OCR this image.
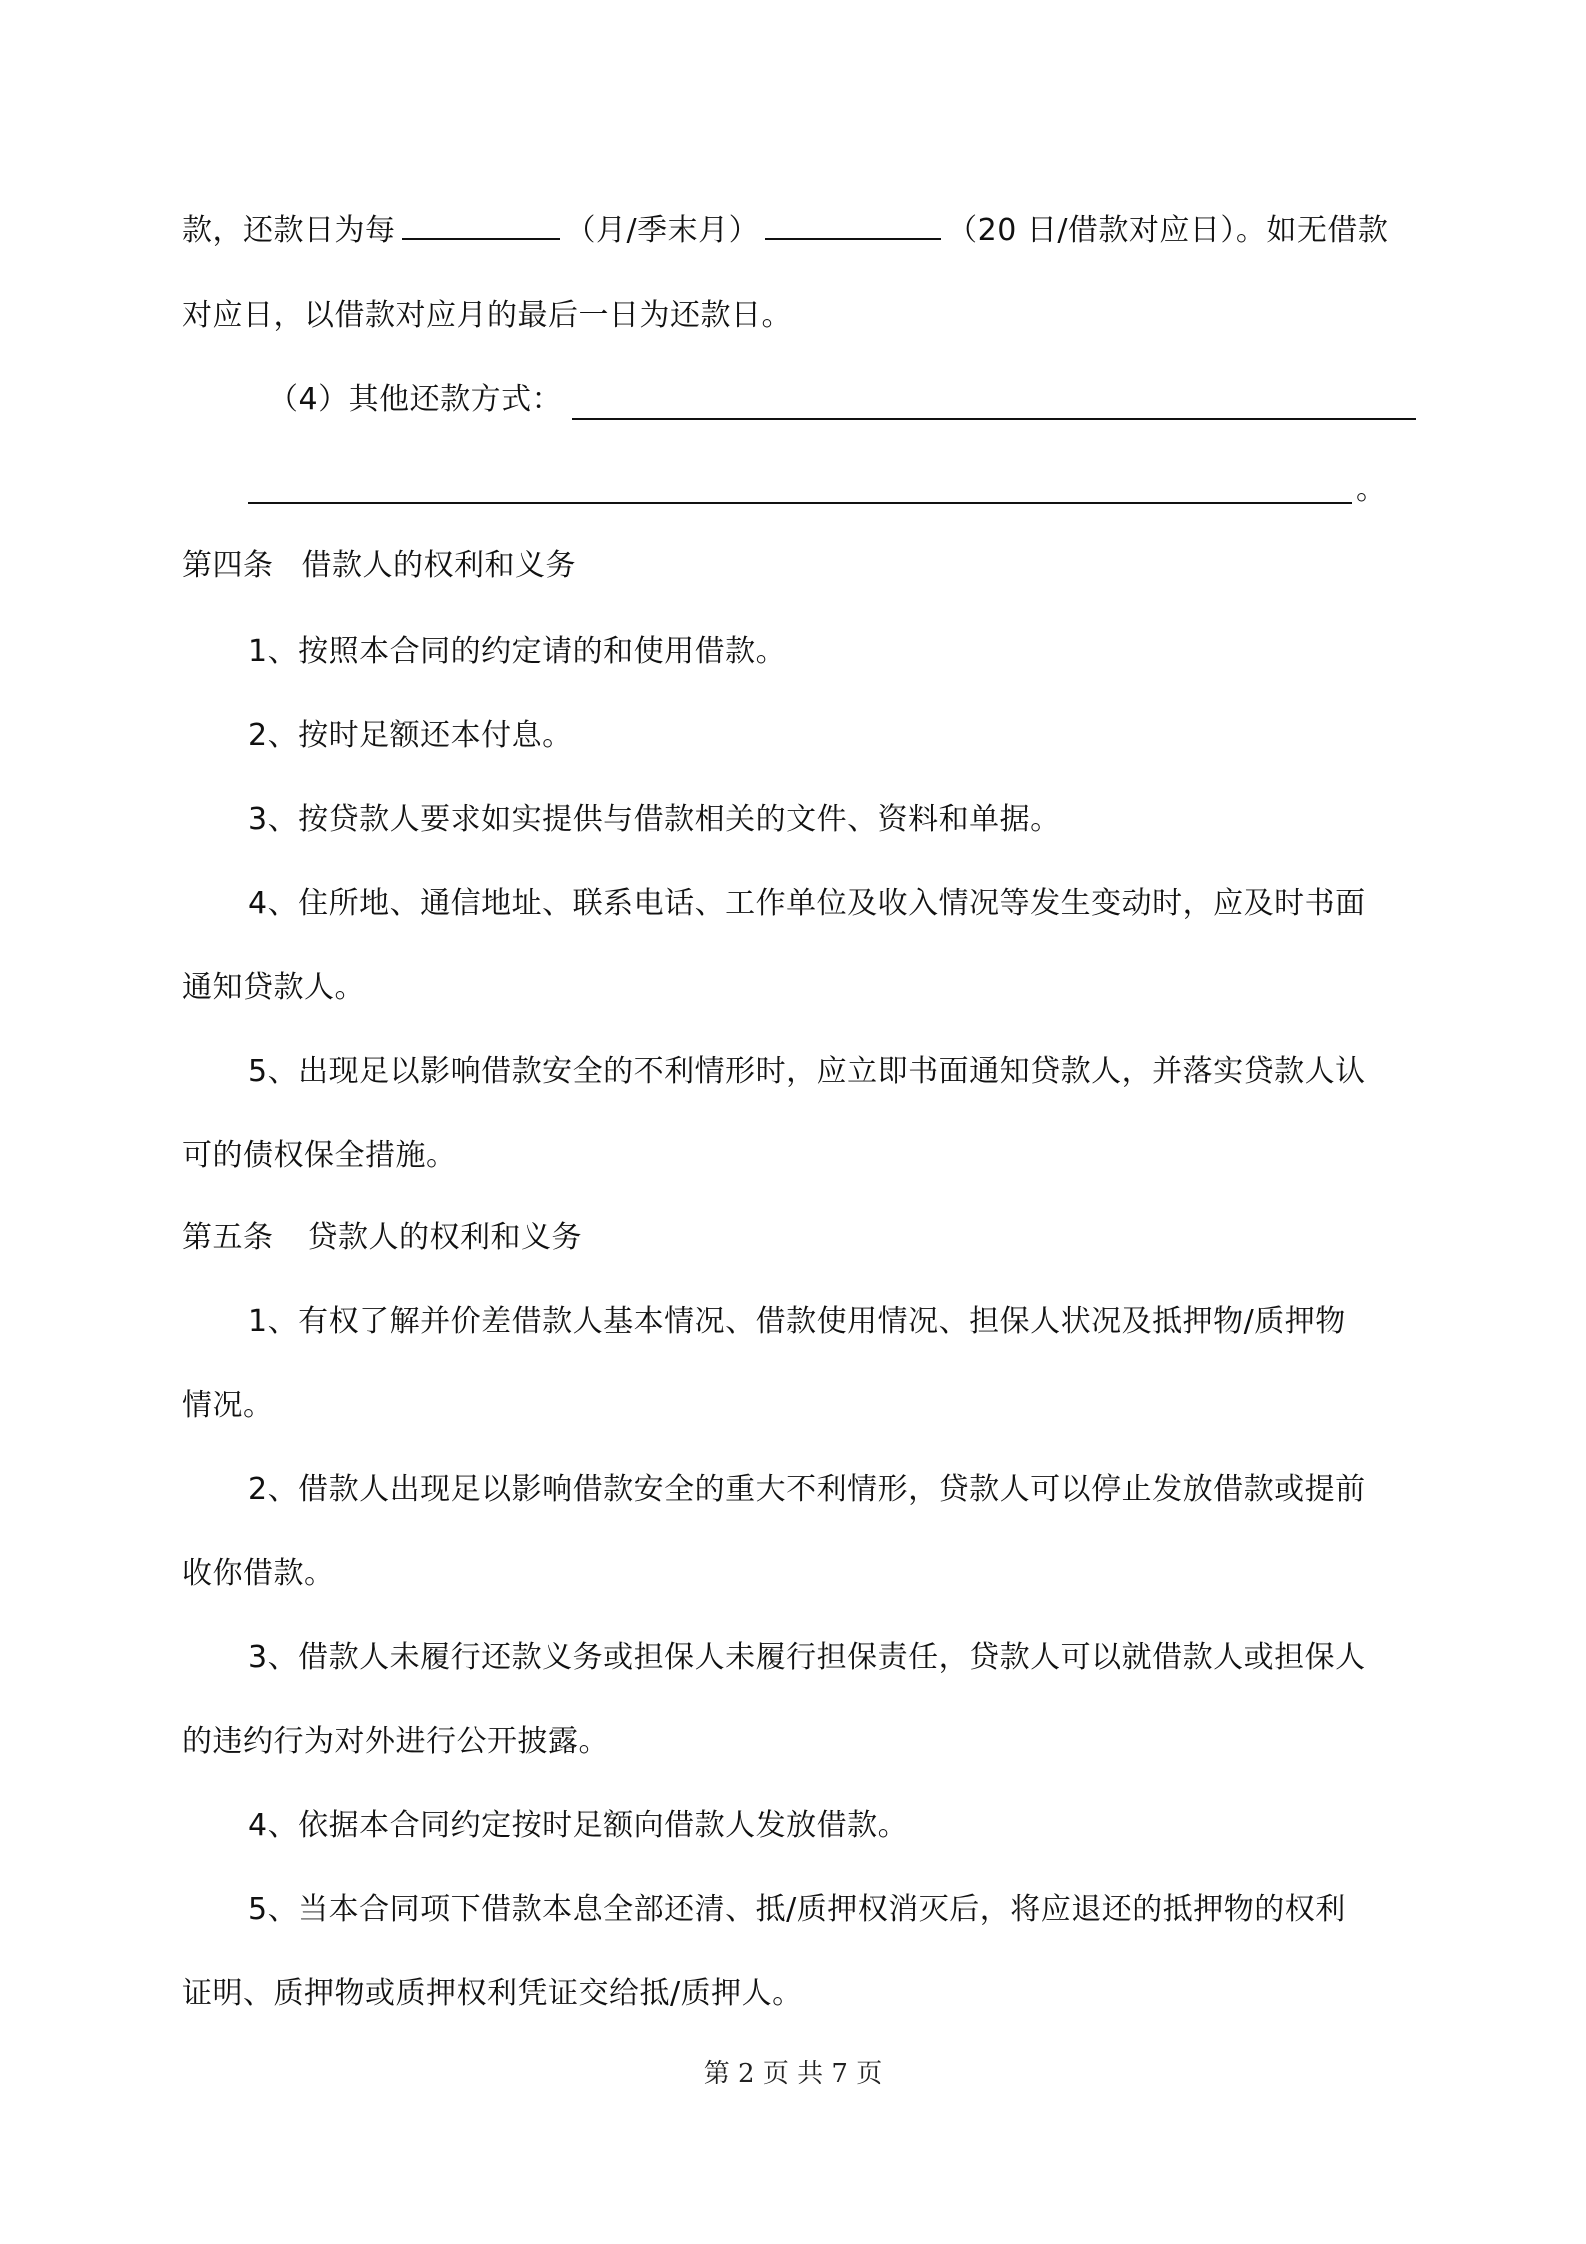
款，还款日为每	（月/季末月）	（20 日/借款对应日）。如无借款
对应日，以借款对应月的最后一日为还款日。
（4）其他还款方式：
。
第四条 借款人的权利和义务
1、按照本合同的约定请的和使用借款。
2、按时足额还本付息。
3、按贷款人要求如实提供与借款相关的文件、资料和单据。
4、住所地、通信地址、联系电话、工作单位及收入情况等发生变动时，应及时书面
通知贷款人。
5、出现足以影响借款安全的不利情形时，应立即书面通知贷款人，并落实贷款人认
可的债权保全措施。
第五条 贷款人的权利和义务
1、有权了解并价差借款人基本情况、借款使用情况、担保人状况及抵押物/质押物
情况。
2、借款人出现足以影响借款安全的重大不利情形，贷款人可以停止发放借款或提前
收你借款。
3、借款人未履行还款义务或担保人未履行担保责任，贷款人可以就借款人或担保人
的违约行为对外进行公开披露。
4、依据本合同约定按时足额向借款人发放借款。
5、当本合同项下借款本息全部还清、抵/质押权消灭后，将应退还的抵押物的权利
证明、质押物或质押权利凭证交给抵/质押人。
第 2 页 共 7 页
